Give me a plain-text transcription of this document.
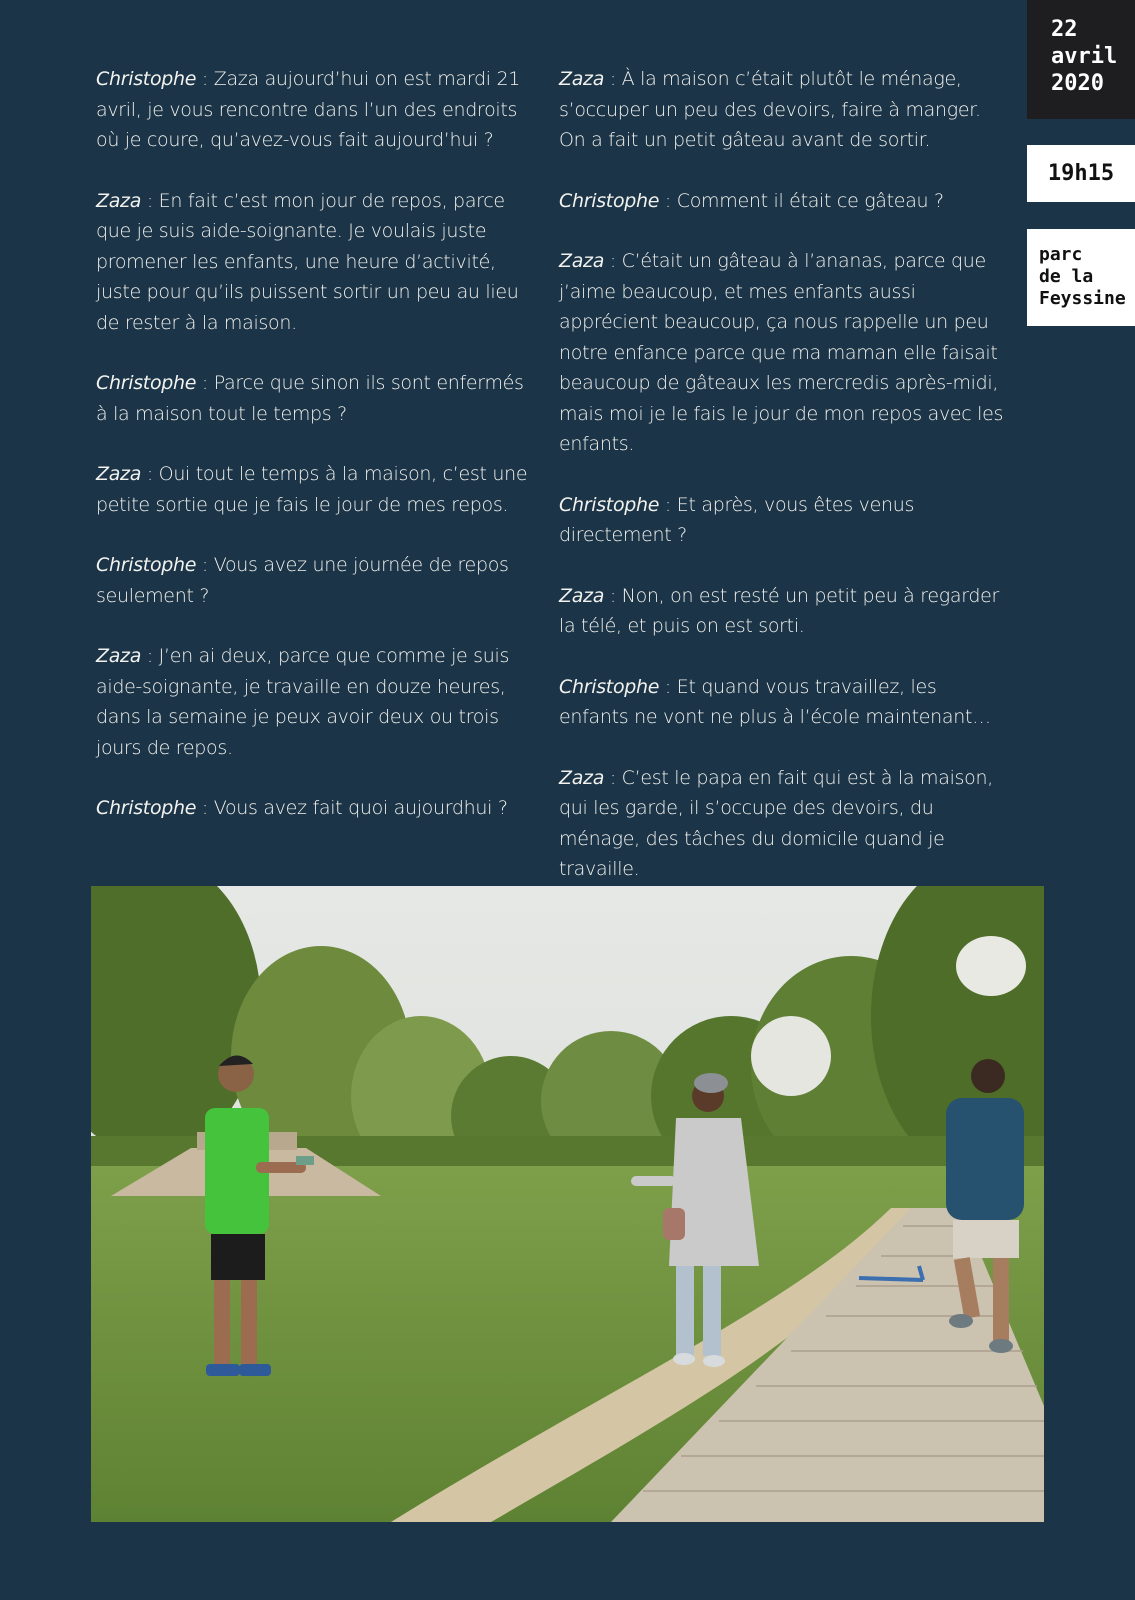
Christophe : Zaza aujourd’hui on est mardi 21 avril, je vous rencontre dans l’un des endroits où je coure, qu’avez-vous fait aujourd’hui ?

Zaza : En fait c’est mon jour de repos, parce que je suis aide-soignante. Je voulais juste promener les enfants, une heure d’activité, juste pour qu’ils puissent sortir un peu au lieu de rester à la maison.

Christophe : Parce que sinon ils sont enfermés à la maison tout le temps ?

Zaza : Oui tout le temps à la maison, c’est une petite sortie que je fais le jour de mes repos.

Christophe : Vous avez une journée de repos seulement ?

Zaza : J’en ai deux, parce que comme je suis aide-soignante, je travaille en douze heures, dans la semaine je peux avoir deux ou trois jours de repos.

Christophe : Vous avez fait quoi aujourdhui ?

Zaza : À la maison c’était plutôt le ménage, s’occuper un peu des devoirs, faire à manger. On a fait un petit gâteau avant de sortir.

Christophe : Comment il était ce gâteau ?

Zaza : C’était un gâteau à l’ananas, parce que j’aime beaucoup, et mes enfants aussi apprécient beaucoup, ça nous rappelle un peu notre enfance parce que ma maman elle faisait beaucoup de gâteaux les mercredis après-midi, mais moi je le fais le jour de mon repos avec les enfants.

Christophe : Et après, vous êtes venus directement ?

Zaza : Non, on est resté un petit peu à regarder la télé, et puis on est sorti.

Christophe : Et quand vous travaillez, les enfants ne vont ne plus à l’école maintenant…

Zaza : C’est le papa en fait qui est à la maison, qui les garde, il s’occupe des devoirs, du ménage, des tâches du domicile quand je travaille.

22
avril
2020
19h15
parc
de la
Feyssine
